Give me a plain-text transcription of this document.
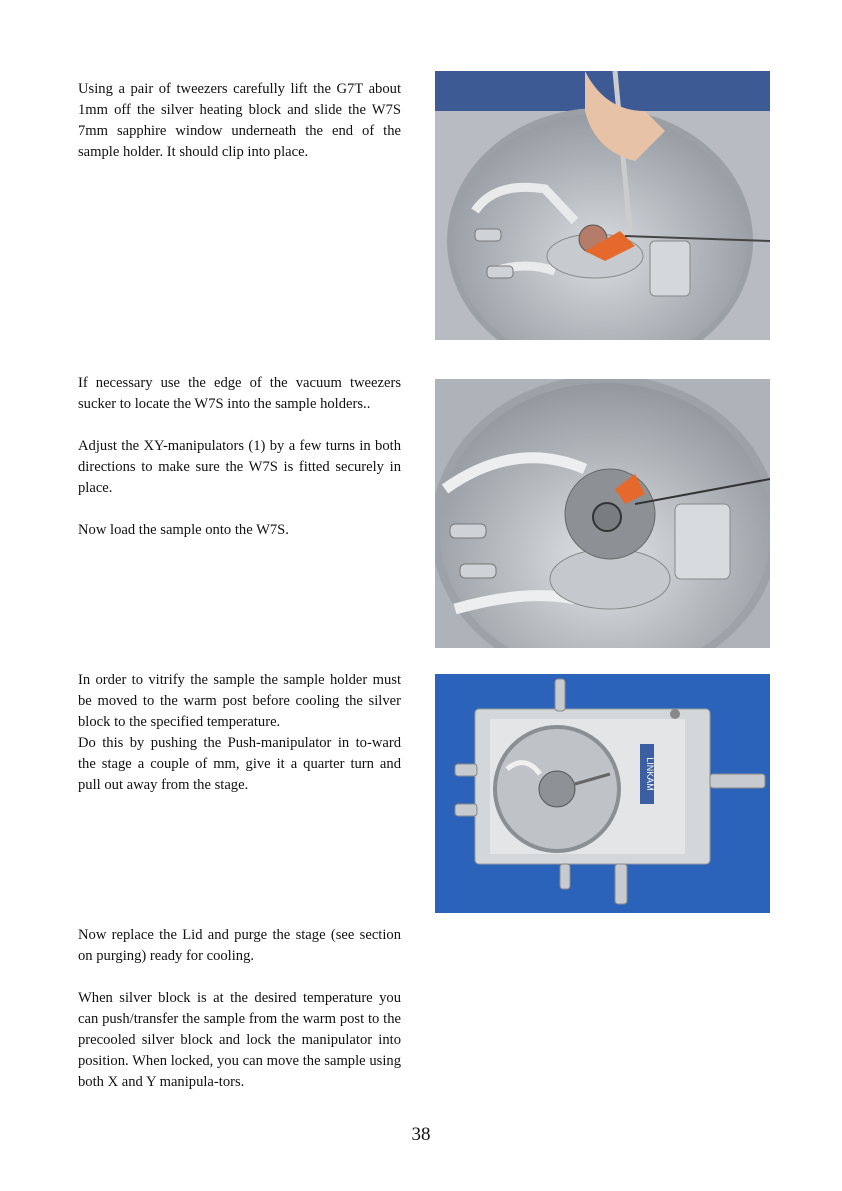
Using a pair of tweezers carefully lift the G7T about 1mm off the silver heating block and slide the W7S 7mm sapphire window underneath the end of the sample holder. It should clip into place.

If necessary use the edge of the vacuum tweezers sucker to locate the W7S into the sample holders..

Adjust the XY-manipulators (1) by a few turns in both directions to make sure the W7S is fitted securely in place.

Now load the sample onto the W7S.

In order to vitrify the sample the sample holder must be moved to the warm post before cooling the silver block to the specified temperature.

Do this by pushing the Push-manipulator in to-ward the stage a couple of mm, give it a quarter turn and pull out away from the stage.

Now replace the Lid and purge the stage (see section on purging) ready for cooling.

When silver block is at the desired temperature you can push/transfer the sample from the warm post to the precooled silver block and lock the manipulator into position. When locked, you can move the sample using both X and Y manipula-tors.

LINKAM
38
